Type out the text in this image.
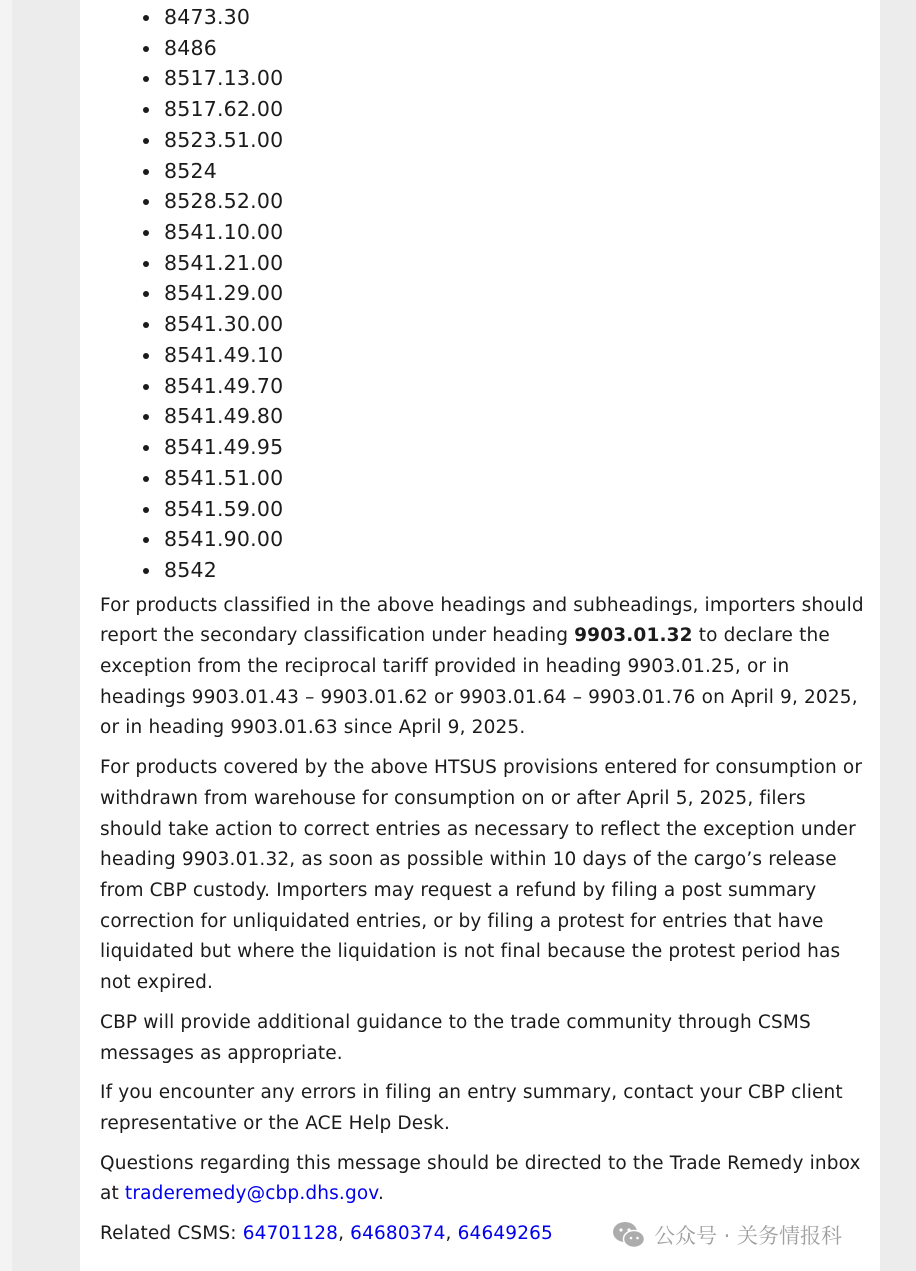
8473.30
8486
8517.13.00
8517.62.00
8523.51.00
8524
8528.52.00
8541.10.00
8541.21.00
8541.29.00
8541.30.00
8541.49.10
8541.49.70
8541.49.80
8541.49.95
8541.51.00
8541.59.00
8541.90.00
8542

For products classified in the above headings and subheadings, importers should report the secondary classification under heading 9903.01.32 to declare the exception from the reciprocal tariff provided in heading 9903.01.25, or in headings 9903.01.43 – 9903.01.62 or 9903.01.64 – 9903.01.76 on April 9, 2025, or in heading 9903.01.63 since April 9, 2025.

For products covered by the above HTSUS provisions entered for consumption or withdrawn from warehouse for consumption on or after April 5, 2025, filers should take action to correct entries as necessary to reflect the exception under heading 9903.01.32, as soon as possible within 10 days of the cargo’s release from CBP custody. Importers may request a refund by filing a post summary correction for unliquidated entries, or by filing a protest for entries that have liquidated but where the liquidation is not final because the protest period has not expired.

CBP will provide additional guidance to the trade community through CSMS messages as appropriate.

If you encounter any errors in filing an entry summary, contact your CBP client representative or the ACE Help Desk.

Questions regarding this message should be directed to the Trade Remedy inbox at traderemedy@cbp.dhs.gov.

Related CSMS: 64701128, 64680374, 64649265	公众号 · 关务情报科
